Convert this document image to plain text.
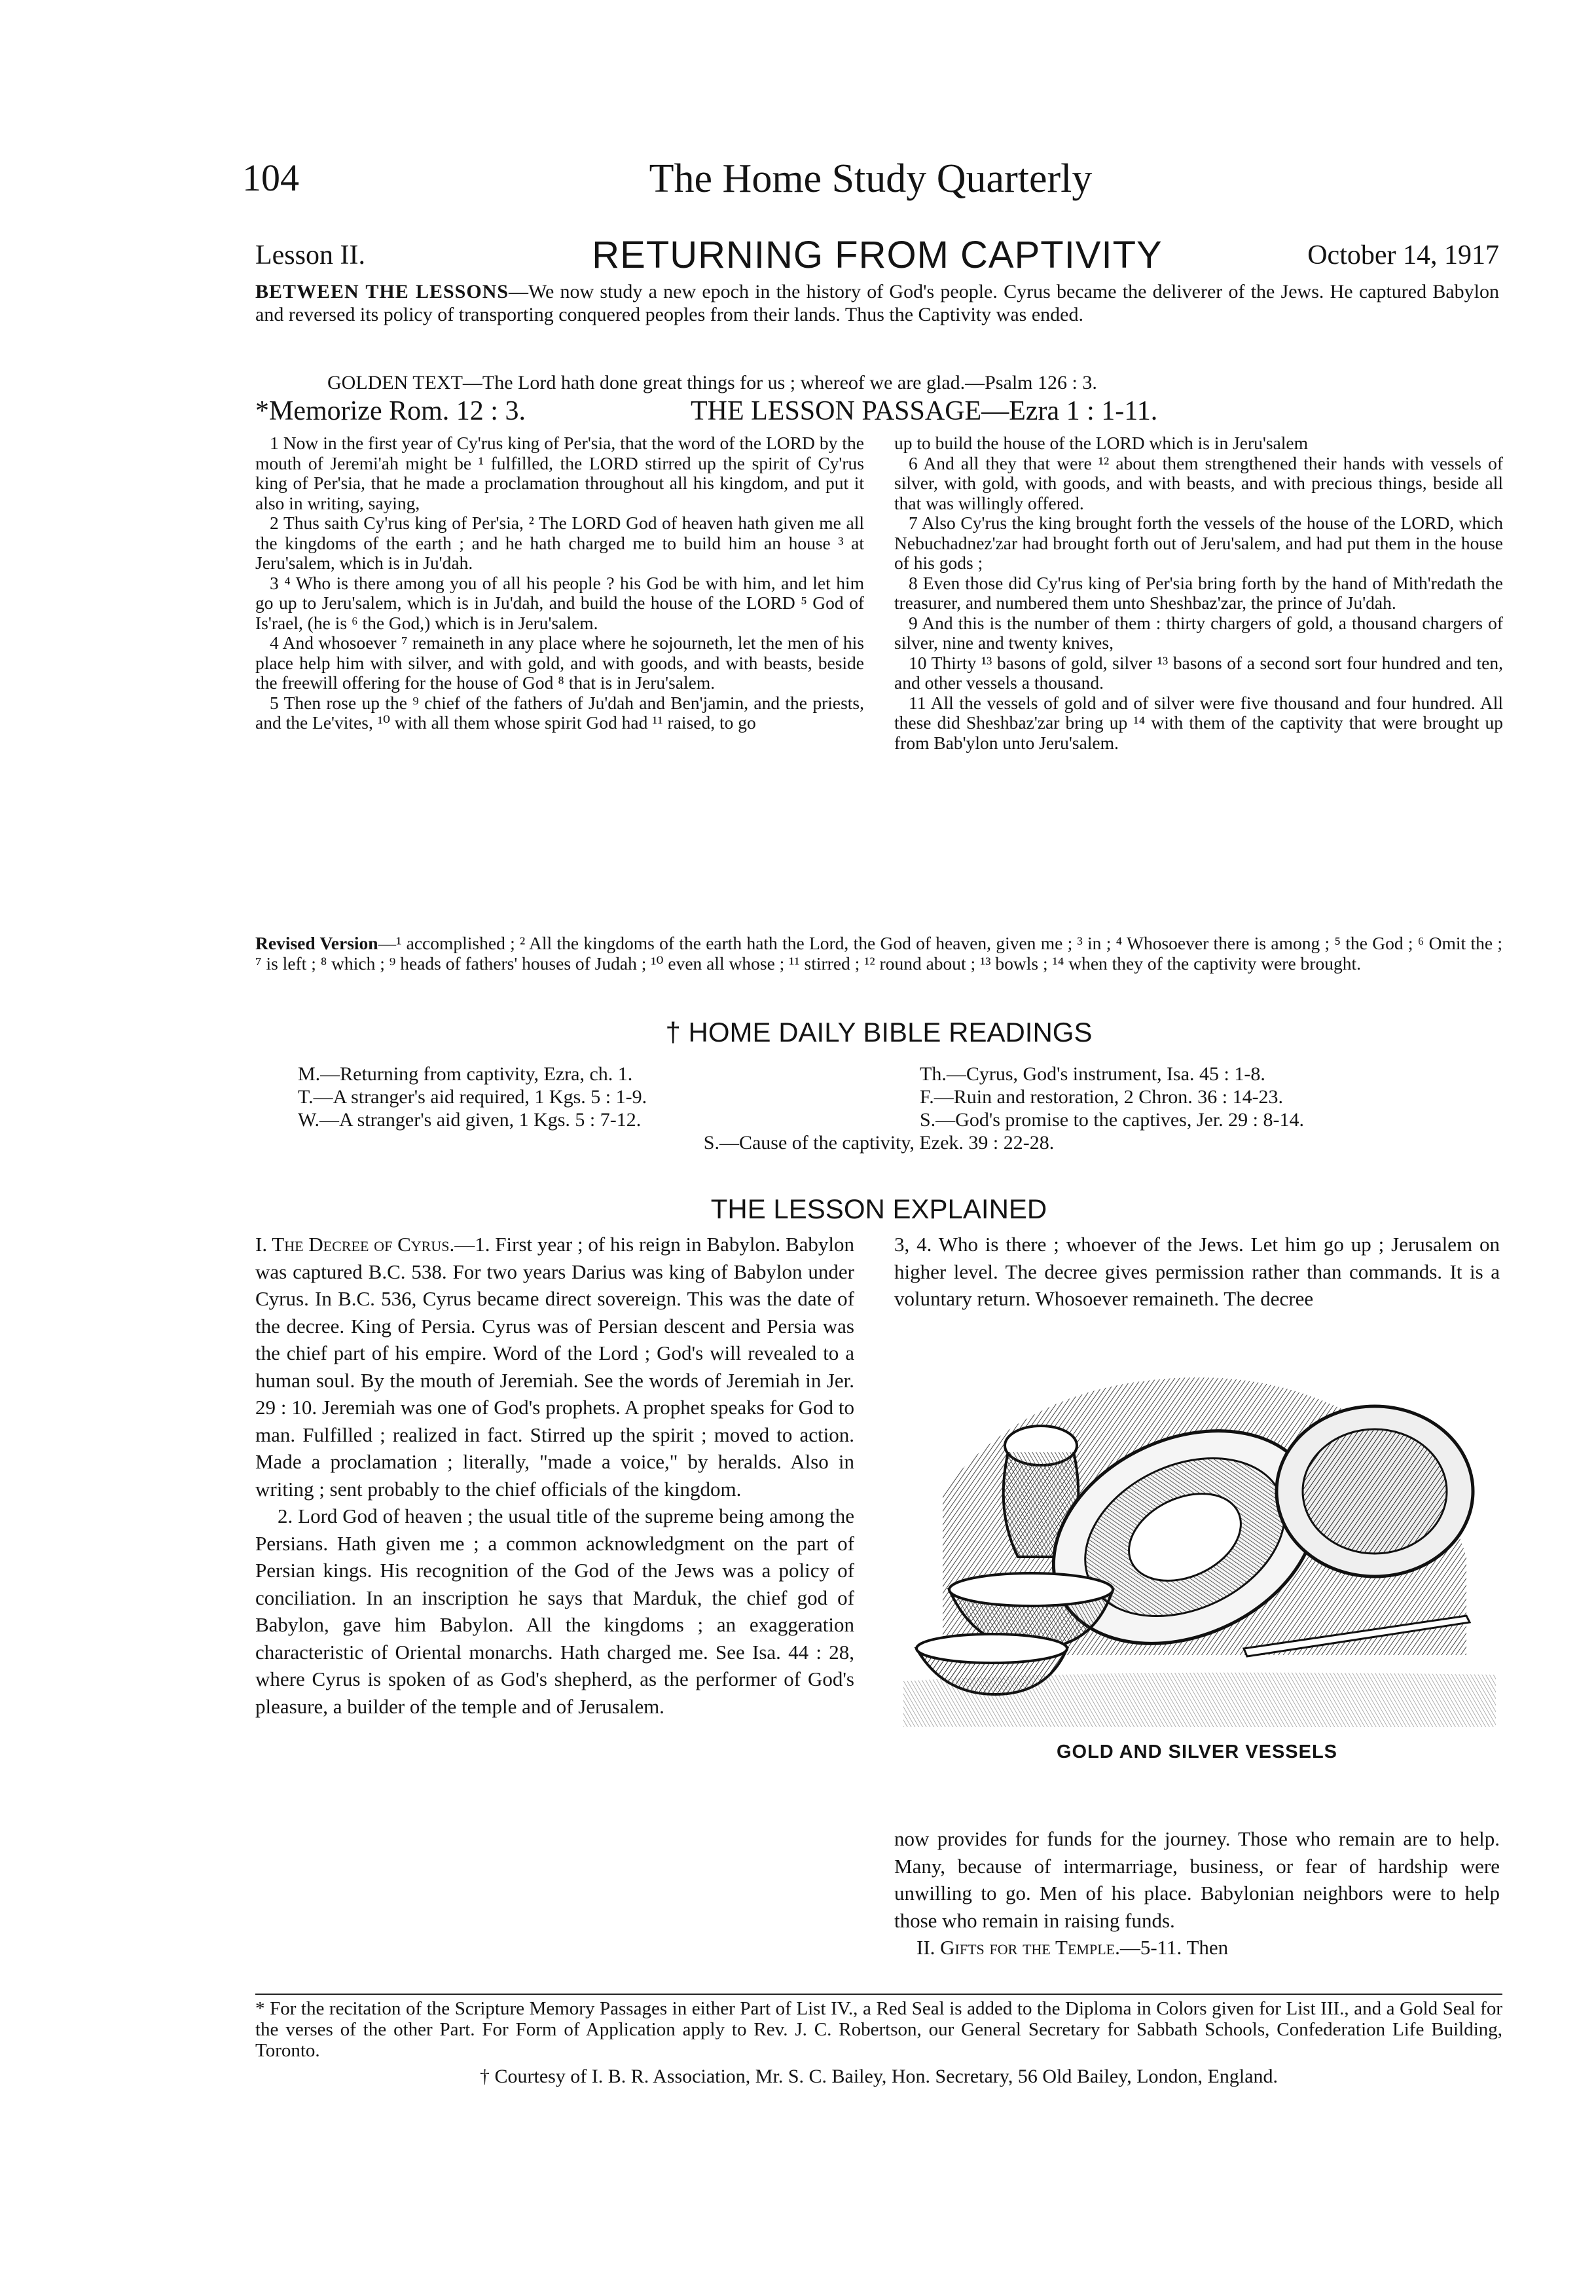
104	The Home Study Quarterly
Lesson II.	RETURNING FROM CAPTIVITY	October 14, 1917
BETWEEN THE LESSONS—We now study a new epoch in the history of God's people. Cyrus became the deliverer of the Jews. He captured Babylon and reversed its policy of transporting conquered peoples from their lands. Thus the Captivity was ended.
GOLDEN TEXT—The Lord hath done great things for us ; whereof we are glad.—Psalm 126 : 3.
*Memorize Rom. 12 : 3.	THE LESSON PASSAGE—Ezra 1 : 1-11.

1 Now in the first year of Cy'rus king of Per'sia, that the word of the LORD by the mouth of Jeremi'ah might be ¹ fulfilled, the LORD stirred up the spirit of Cy'rus king of Per'sia, that he made a proclamation throughout all his kingdom, and put it also in writing, saying,

2 Thus saith Cy'rus king of Per'sia, ² The LORD God of heaven hath given me all the kingdoms of the earth ; and he hath charged me to build him an house ³ at Jeru'salem, which is in Ju'dah.

3 ⁴ Who is there among you of all his people ? his God be with him, and let him go up to Jeru'salem, which is in Ju'dah, and build the house of the LORD ⁵ God of Is'rael, (he is ⁶ the God,) which is in Jeru'salem.

4 And whosoever ⁷ remaineth in any place where he sojourneth, let the men of his place help him with silver, and with gold, and with goods, and with beasts, beside the freewill offering for the house of God ⁸ that is in Jeru'salem.

5 Then rose up the ⁹ chief of the fathers of Ju'dah and Ben'jamin, and the priests, and the Le'vites, ¹⁰ with all them whose spirit God had ¹¹ raised, to go

up to build the house of the LORD which is in Jeru'salem

6 And all they that were ¹² about them strengthened their hands with vessels of silver, with gold, with goods, and with beasts, and with precious things, beside all that was willingly offered.

7 Also Cy'rus the king brought forth the vessels of the house of the LORD, which Nebuchadnez'zar had brought forth out of Jeru'salem, and had put them in the house of his gods ;

8 Even those did Cy'rus king of Per'sia bring forth by the hand of Mith'redath the treasurer, and numbered them unto Sheshbaz'zar, the prince of Ju'dah.

9 And this is the number of them : thirty chargers of gold, a thousand chargers of silver, nine and twenty knives,

10 Thirty ¹³ basons of gold, silver ¹³ basons of a second sort four hundred and ten, and other vessels a thousand.

11 All the vessels of gold and of silver were five thousand and four hundred. All these did Sheshbaz'zar bring up ¹⁴ with them of the captivity that were brought up from Bab'ylon unto Jeru'salem.

Revised Version—¹ accomplished ; ² All the kingdoms of the earth hath the Lord, the God of heaven, given me ; ³ in ; ⁴ Whosoever there is among ; ⁵ the God ; ⁶ Omit the ; ⁷ is left ; ⁸ which ; ⁹ heads of fathers' houses of Judah ; ¹⁰ even all whose ; ¹¹ stirred ; ¹² round about ; ¹³ bowls ; ¹⁴ when they of the captivity were brought.
† HOME DAILY BIBLE READINGS
M.—Returning from captivity, Ezra, ch. 1.
T.—A stranger's aid required, 1 Kgs. 5 : 1-9.
W.—A stranger's aid given, 1 Kgs. 5 : 7-12.
Th.—Cyrus, God's instrument, Isa. 45 : 1-8.
F.—Ruin and restoration, 2 Chron. 36 : 14-23.
S.—God's promise to the captives, Jer. 29 : 8-14.
S.—Cause of the captivity, Ezek. 39 : 22-28.
THE LESSON EXPLAINED

I. The Decree of Cyrus.—1. First year ; of his reign in Babylon. Babylon was captured B.C. 538. For two years Darius was king of Babylon under Cyrus. In B.C. 536, Cyrus became direct sovereign. This was the date of the decree. King of Persia. Cyrus was of Persian descent and Persia was the chief part of his empire. Word of the Lord ; God's will revealed to a human soul. By the mouth of Jeremiah. See the words of Jeremiah in Jer. 29 : 10. Jeremiah was one of God's prophets. A prophet speaks for God to man. Fulfilled ; realized in fact. Stirred up the spirit ; moved to action. Made a proclamation ; literally, "made a voice," by heralds. Also in writing ; sent probably to the chief officials of the kingdom.

2. Lord God of heaven ; the usual title of the supreme being among the Persians. Hath given me ; a common acknowledgment on the part of Persian kings. His recognition of the God of the Jews was a policy of conciliation. In an inscription he says that Marduk, the chief god of Babylon, gave him Babylon. All the kingdoms ; an exaggeration characteristic of Oriental monarchs. Hath charged me. See Isa. 44 : 28, where Cyrus is spoken of as God's shepherd, as the performer of God's pleasure, a builder of the temple and of Jerusalem.

3, 4. Who is there ; whoever of the Jews. Let him go up ; Jerusalem on higher level. The decree gives permission rather than commands. It is a voluntary return. Whosoever remaineth. The decree

GOLD AND SILVER VESSELS

now provides for funds for the journey. Those who remain are to help. Many, because of intermarriage, business, or fear of hardship were unwilling to go. Men of his place. Babylonian neighbors were to help those who remain in raising funds.

II. Gifts for the Temple.—5-11. Then

* For the recitation of the Scripture Memory Passages in either Part of List IV., a Red Seal is added to the Diploma in Colors given for List III., and a Gold Seal for the verses of the other Part. For Form of Application apply to Rev. J. C. Robertson, our General Secretary for Sabbath Schools, Confederation Life Building, Toronto.
† Courtesy of I. B. R. Association, Mr. S. C. Bailey, Hon. Secretary, 56 Old Bailey, London, England.
